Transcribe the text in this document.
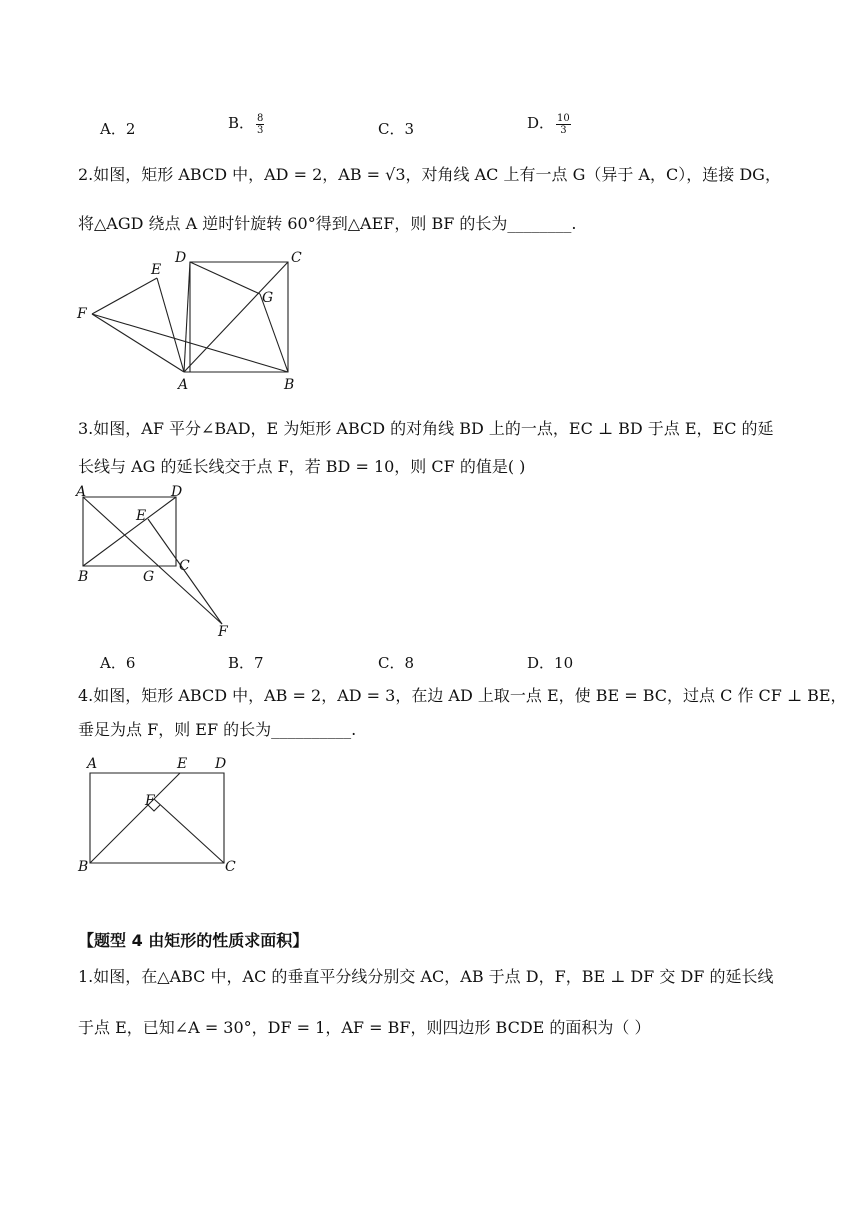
A．2	B． $\frac{8}{3}$	C．3	D． $\frac{10}{3}$
2.如图，矩形 ABCD 中，AD = 2，AB = √3，对角线 AC 上有一点 G（异于 A，C），连接 DG，
将△AGD 绕点 A 逆时针旋转 60°得到△AEF，则 BF 的长为________.
D	C
E
G
F
A	B
A	D
E
B	G
C
F
A	E D
F
B	C
3.如图，AF 平分∠BAD，E 为矩形 ABCD 的对角线 BD 上的一点，EC ⊥ BD 于点 E，EC 的延
长线与 AG 的延长线交于点 F，若 BD = 10，则 CF 的值是( )
A．6	B．7	C．8	D．10
4.如图，矩形 ABCD 中，AB = 2，AD = 3，在边 AD 上取一点 E，使 BE = BC，过点 C 作 CF ⊥ BE，
垂足为点 F，则 EF 的长为__________.
【题型 4 由矩形的性质求面积】
1.如图，在△ABC 中，AC 的垂直平分线分别交 AC，AB 于点 D，F，BE ⊥ DF 交 DF 的延长线
于点 E，已知∠A = 30°，DF = 1，AF = BF，则四边形 BCDE 的面积为（ ）
